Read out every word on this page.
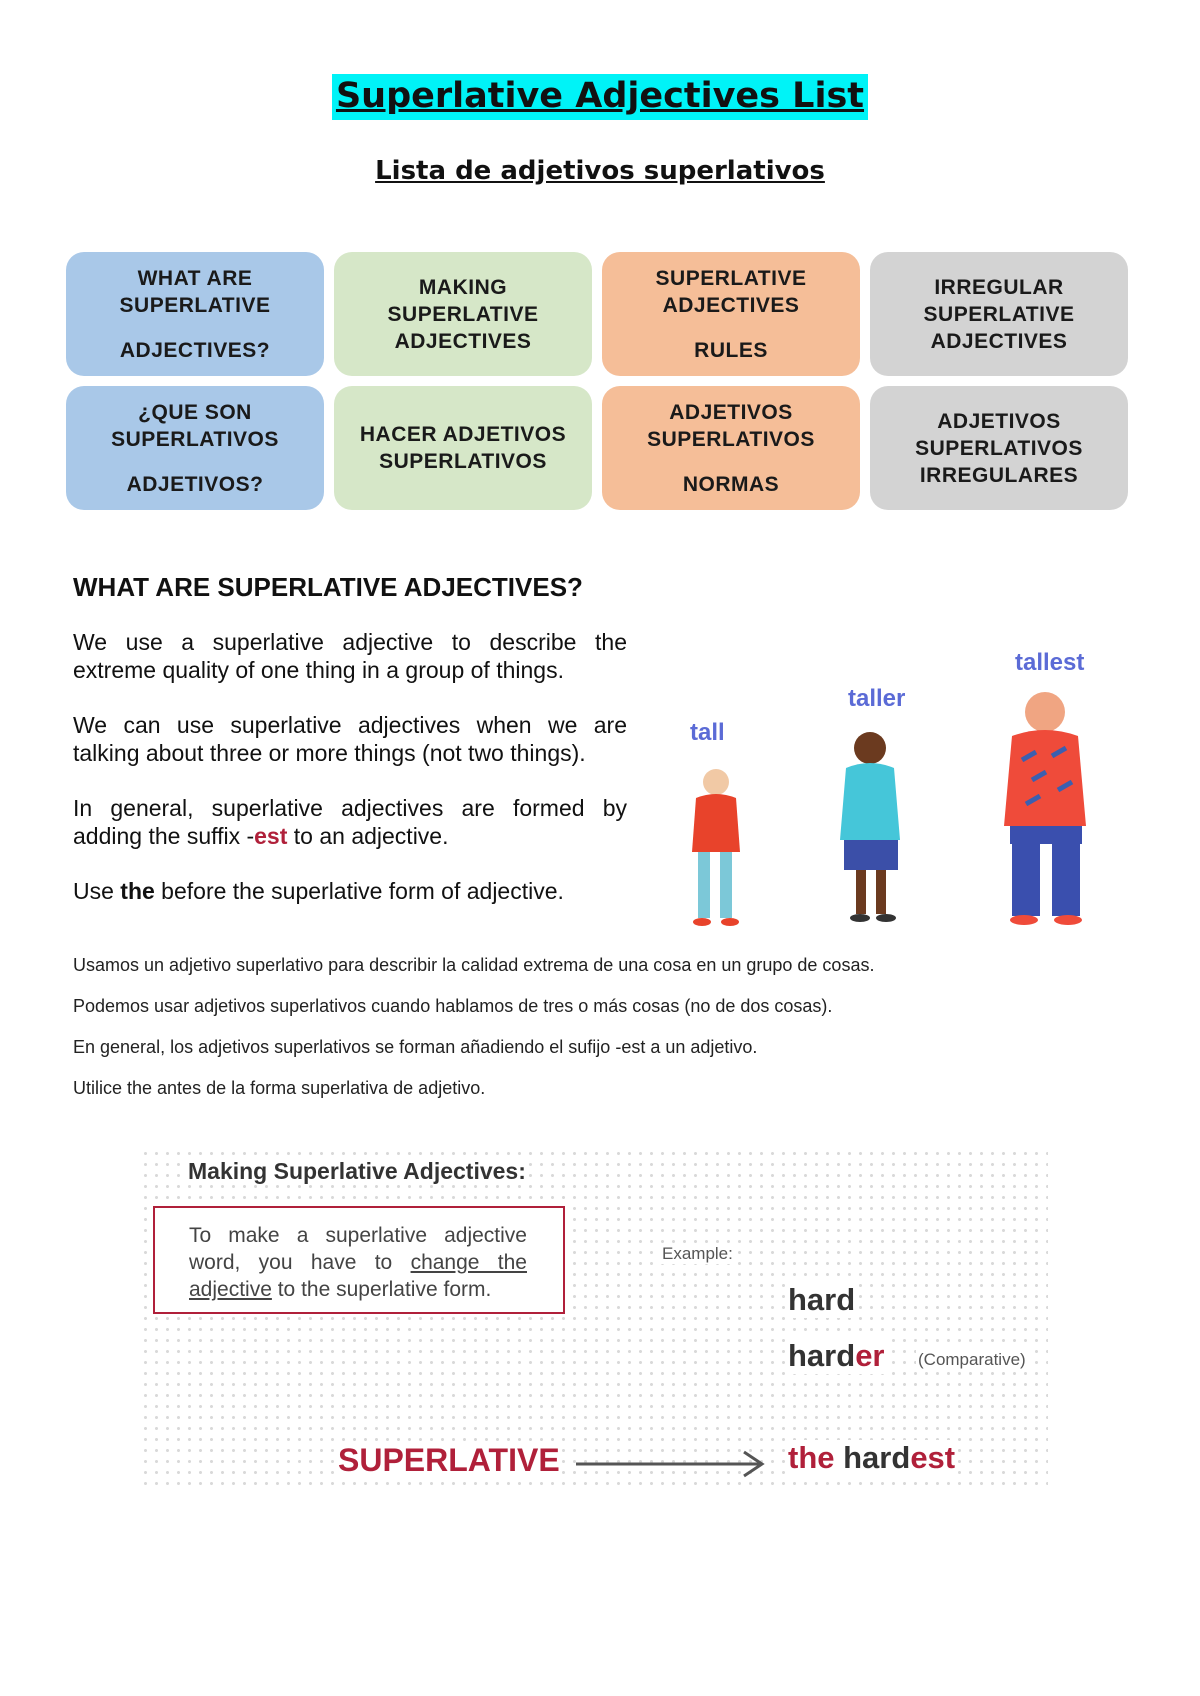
Superlative Adjectives List
Lista de adjetivos superlativos
WHAT ARE
SUPERLATIVE
ADJECTIVES?
MAKING
SUPERLATIVE
ADJECTIVES
SUPERLATIVE
ADJECTIVES
RULES
IRREGULAR
SUPERLATIVE
ADJECTIVES
¿QUE SON
SUPERLATIVOS
ADJETIVOS?
HACER ADJETIVOS
SUPERLATIVOS
ADJETIVOS
SUPERLATIVOS
NORMAS
ADJETIVOS
SUPERLATIVOS
IRREGULARES
WHAT ARE SUPERLATIVE ADJECTIVES?

We use a superlative adjective to describe the extreme quality of one thing in a group of things.

We can use superlative adjectives when we are talking about three or more things (not two things).

In general, superlative adjectives are formed by adding the suffix -est to an adjective.

Use the before the superlative form of adjective.

tall
taller
tallest

Usamos un adjetivo superlativo para describir la calidad extrema de una cosa en un grupo de cosas.

Podemos usar adjetivos superlativos cuando hablamos de tres o más cosas (no de dos cosas).

En general, los adjetivos superlativos se forman añadiendo el sufijo -est a un adjetivo.

Utilice the antes de la forma superlativa de adjetivo.

Making Superlative Adjectives:
To make a superlative adjective word, you have to change the adjective to the superlative form.
Example:
hard
harder (Comparative)
SUPERLATIVE	the hardest
